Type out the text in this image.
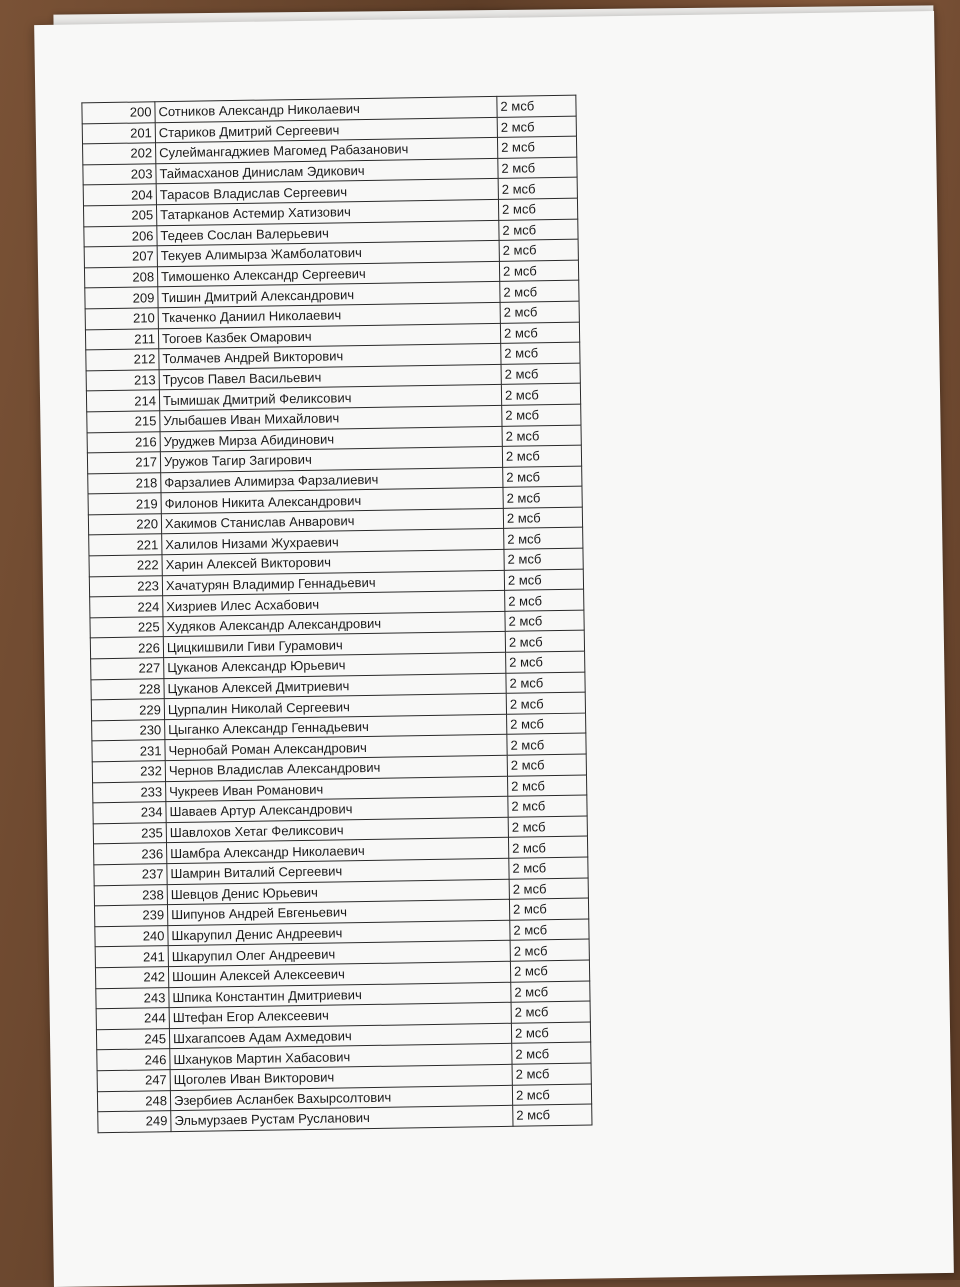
200	Сотников Александр Николаевич	2 мсб
201	Стариков Дмитрий Сергеевич	2 мсб
202	Сулеймангаджиев Магомед Рабазанович	2 мсб
203	Таймасханов Динислам Эдикович	2 мсб
204	Тарасов Владислав Сергеевич	2 мсб
205	Татарканов Астемир Хатизович	2 мсб
206	Тедеев Сослан Валерьевич	2 мсб
207	Текуев Алимырза Жамболатович	2 мсб
208	Тимошенко Александр Сергеевич	2 мсб
209	Тишин Дмитрий Александрович	2 мсб
210	Ткаченко Даниил Николаевич	2 мсб
211	Тогоев Казбек Омарович	2 мсб
212	Толмачев Андрей Викторович	2 мсб
213	Трусов Павел Васильевич	2 мсб
214	Тымишак Дмитрий Феликсович	2 мсб
215	Улыбашев Иван Михайлович	2 мсб
216	Уруджев Мирза Абидинович	2 мсб
217	Уружов Тагир Загирович	2 мсб
218	Фарзалиев Алимирза Фарзалиевич	2 мсб
219	Филонов Никита Александрович	2 мсб
220	Хакимов Станислав Анварович	2 мсб
221	Халилов Низами Жухраевич	2 мсб
222	Харин Алексей Викторович	2 мсб
223	Хачатурян Владимир Геннадьевич	2 мсб
224	Хизриев Илес Асхабович	2 мсб
225	Худяков Александр Александрович	2 мсб
226	Цицкишвили Гиви Гурамович	2 мсб
227	Цуканов Александр Юрьевич	2 мсб
228	Цуканов Алексей Дмитриевич	2 мсб
229	Цурпалин Николай Сергеевич	2 мсб
230	Цыганко Александр Геннадьевич	2 мсб
231	Чернобай Роман Александрович	2 мсб
232	Чернов Владислав Александрович	2 мсб
233	Чукреев Иван Романович	2 мсб
234	Шаваев Артур Александрович	2 мсб
235	Шавлохов Хетаг Феликсович	2 мсб
236	Шамбра Александр Николаевич	2 мсб
237	Шамрин Виталий Сергеевич	2 мсб
238	Шевцов Денис Юрьевич	2 мсб
239	Шипунов Андрей Евгеньевич	2 мсб
240	Шкарупил Денис Андреевич	2 мсб
241	Шкарупил Олег Андреевич	2 мсб
242	Шошин Алексей Алексеевич	2 мсб
243	Шпика Константин Дмитриевич	2 мсб
244	Штефан Егор Алексеевич	2 мсб
245	Шхагапсоев Адам Ахмедович	2 мсб
246	Шханукoв Мартин Хабасович	2 мсб
247	Щоголев Иван Викторович	2 мсб
248	Эзербиев Асланбек Вахырсолтович	2 мсб
249	Эльмурзаев Рустам Русланович	2 мсб
